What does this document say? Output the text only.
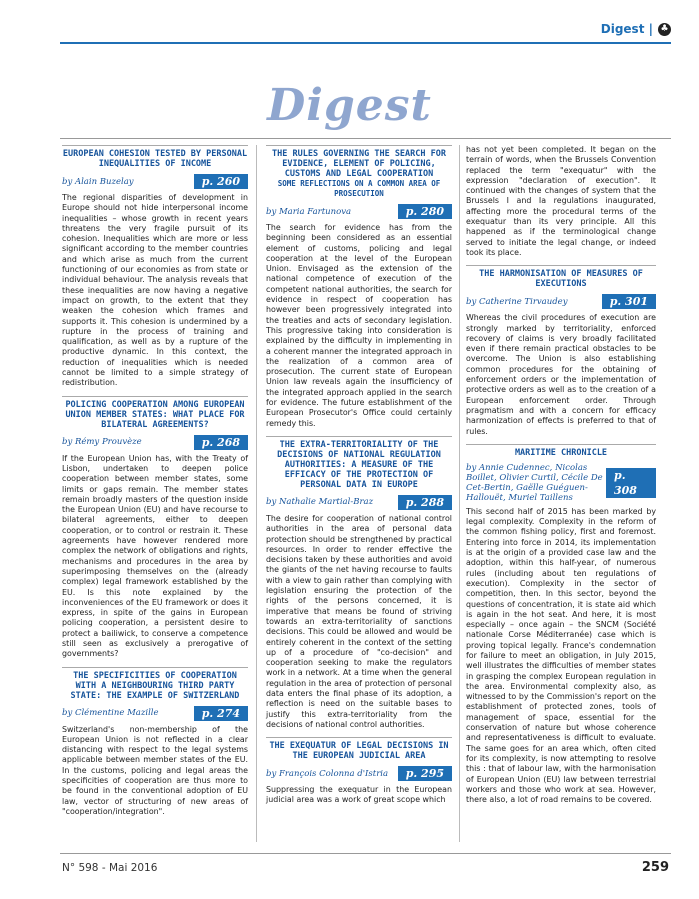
Digest | ♣
Digest
EUROPEAN COHESION TESTED BY PERSONAL INEQUALITIES OF INCOME
by Alain Buzelay	p. 260
The regional disparities of development in Europe should not hide interpersonal income inequalities – whose growth in recent years threatens the very fragile pursuit of its cohesion. Inequalities which are more or less significant according to the member countries and which arise as much from the current functioning of our economies as from state or individual behaviour. The analysis reveals that these inequalities are now having a negative impact on growth, to the extent that they weaken the cohesion which frames and supports it. This cohesion is undermined by a rupture in the process of training and qualification, as well as by a rupture of the productive dynamic. In this context, the reduction of inequalities which is needed cannot be limited to a simple strategy of redistribution.
POLICING COOPERATION AMONG EUROPEAN UNION MEMBER STATES: WHAT PLACE FOR BILATERAL AGREEMENTS?
by Rémy Prouvèze	p. 268
If the European Union has, with the Treaty of Lisbon, undertaken to deepen police cooperation between member states, some limits or gaps remain. The member states remain broadly masters of the question inside the European Union (EU) and have recourse to bilateral agreements, either to deepen cooperation, or to control or restrain it. These agreements have however rendered more complex the network of obligations and rights, mechanisms and procedures in the area by superimposing themselves on the (already complex) legal framework established by the EU. Is this note explained by the inconveniences of the EU framework or does it express, in spite of the gains in European policing cooperation, a persistent desire to protect a bailiwick, to conserve a competence still seen as exclusively a prerogative of governments?
THE SPECIFICITIES OF COOPERATION WITH A NEIGHBOURING THIRD PARTY STATE: THE EXAMPLE OF SWITZERLAND
by Clémentine Mazille	p. 274
Switzerland's non-membership of the European Union is not reflected in a clear distancing with respect to the legal systems applicable between member states of the EU. In the customs, policing and legal areas the specificities of cooperation are thus more to be found in the conventional adoption of EU law, vector of structuring of new areas of "cooperation/integration".
THE RULES GOVERNING THE SEARCH FOR EVIDENCE, ELEMENT OF POLICING, CUSTOMS AND LEGAL COOPERATION
SOME REFLECTIONS ON A COMMON AREA OF PROSECUTION
by Maria Fartunova	p. 280
The search for evidence has from the beginning been considered as an essential element of customs, policing and legal cooperation at the level of the European Union. Envisaged as the extension of the national competence of execution of the competent national authorities, the search for evidence in respect of cooperation has however been progressively integrated into the treaties and acts of secondary legislation. This progressive taking into consideration is explained by the difficulty in implementing in a coherent manner the integrated approach in the realization of a common area of prosecution. The current state of European Union law reveals again the insufficiency of the integrated approach applied in the search for evidence. The future establishment of the European Prosecutor's Office could certainly remedy this.
THE EXTRA-TERRITORIALITY OF THE DECISIONS OF NATIONAL REGULATION AUTHORITIES: A MEASURE OF THE EFFICACY OF THE PROTECTION OF PERSONAL DATA IN EUROPE
by Nathalie Martial-Braz	p. 288
The desire for cooperation of national control authorities in the area of personal data protection should be strengthened by practical resources. In order to render effective the decisions taken by these authorities and avoid the giants of the net having recourse to faults with a view to gain rather than complying with legislation ensuring the protection of the rights of the persons concerned, it is imperative that means be found of striving towards an extra-territoriality of sanctions decisions. This could be allowed and would be entirely coherent in the context of the setting up of a procedure of "co-decision" and cooperation seeking to make the regulators work in a network. At a time when the general regulation in the area of protection of personal data enters the final phase of its adoption, a reflection is need on the suitable bases to justify this extra-territoriality from the decisions of national control authorities.
THE EXEQUATUR OF LEGAL DECISIONS IN THE EUROPEAN JUDICIAL AREA
by François Colonna d'Istria	p. 295
Suppressing the exequatur in the European judicial area was a work of great scope which
has not yet been completed. It began on the terrain of words, when the Brussels Convention replaced the term "exequatur" with the expression "declaration of execution". It continued with the changes of system that the Brussels I and Ia regulations inaugurated, affecting more the procedural terms of the exequatur than its very principle. All this happened as if the terminological change served to initiate the legal change, or indeed took its place.
THE HARMONISATION OF MEASURES OF EXECUTIONS
by Catherine Tirvaudey	p. 301
Whereas the civil procedures of execution are strongly marked by territoriality, enforced recovery of claims is very broadly facilitated even if there remain practical obstacles to be overcome. The Union is also establishing common procedures for the obtaining of enforcement orders or the implementation of protective orders as well as to the creation of a European enforcement order. Through pragmatism and with a concern for efficacy harmonization of effects is preferred to that of rules.
MARITIME CHRONICLE
by Annie Cudennec, Nicolas Boillet, Olivier Curtil, Cécile De Cet-Bertin, Gaëlle Guéguen-Hallouët, Muriel Taillens
p. 308
This second half of 2015 has been marked by legal complexity. Complexity in the reform of the common fishing policy, first and foremost. Entering into force in 2014, its implementation is at the origin of a provided case law and the adoption, within this half-year, of numerous rules (including about ten regulations of execution). Complexity in the sector of competition, then. In this sector, beyond the questions of concentration, it is state aid which is again in the hot seat. And here, it is most especially – once again – the SNCM (Société nationale Corse Méditerranée) case which is proving topical legally. France's condemnation for failure to meet an obligation, in July 2015, well illustrates the difficulties of member states in grasping the complex European regulation in the area. Environmental complexity also, as witnessed to by the Commission's report on the establishment of protected zones, tools of management of space, essential for the conservation of nature but whose coherence and representativeness is difficult to evaluate. The same goes for an area which, often cited for its complexity, is now attempting to resolve this : that of labour law, with the harmonisation of European Union (EU) law between terrestrial workers and those who work at sea. However, there also, a lot of road remains to be covered.
N° 598 - Mai 2016	259
